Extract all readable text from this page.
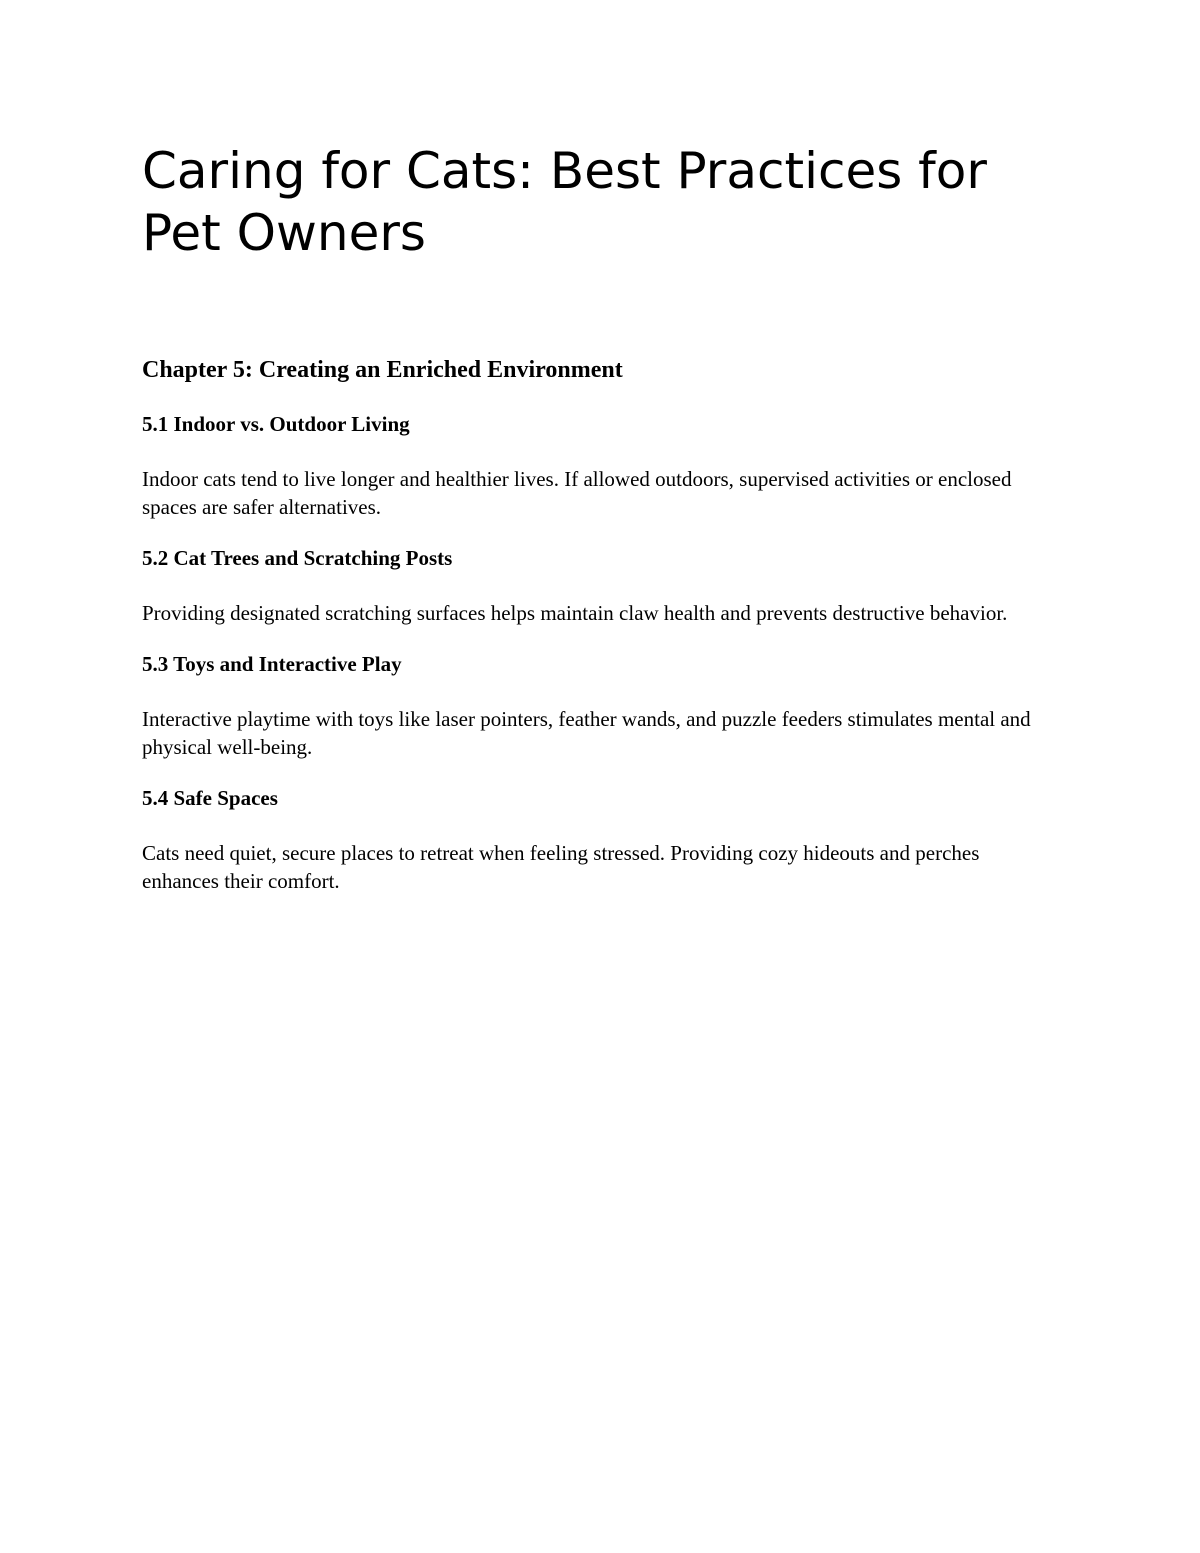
Caring for Cats: Best Practices for Pet Owners
Chapter 5: Creating an Enriched Environment
5.1 Indoor vs. Outdoor Living

Indoor cats tend to live longer and healthier lives. If allowed outdoors, supervised activities or enclosed spaces are safer alternatives.

5.2 Cat Trees and Scratching Posts

Providing designated scratching surfaces helps maintain claw health and prevents destructive behavior.

5.3 Toys and Interactive Play

Interactive playtime with toys like laser pointers, feather wands, and puzzle feeders stimulates mental and physical well-being.

5.4 Safe Spaces

Cats need quiet, secure places to retreat when feeling stressed. Providing cozy hideouts and perches enhances their comfort.
